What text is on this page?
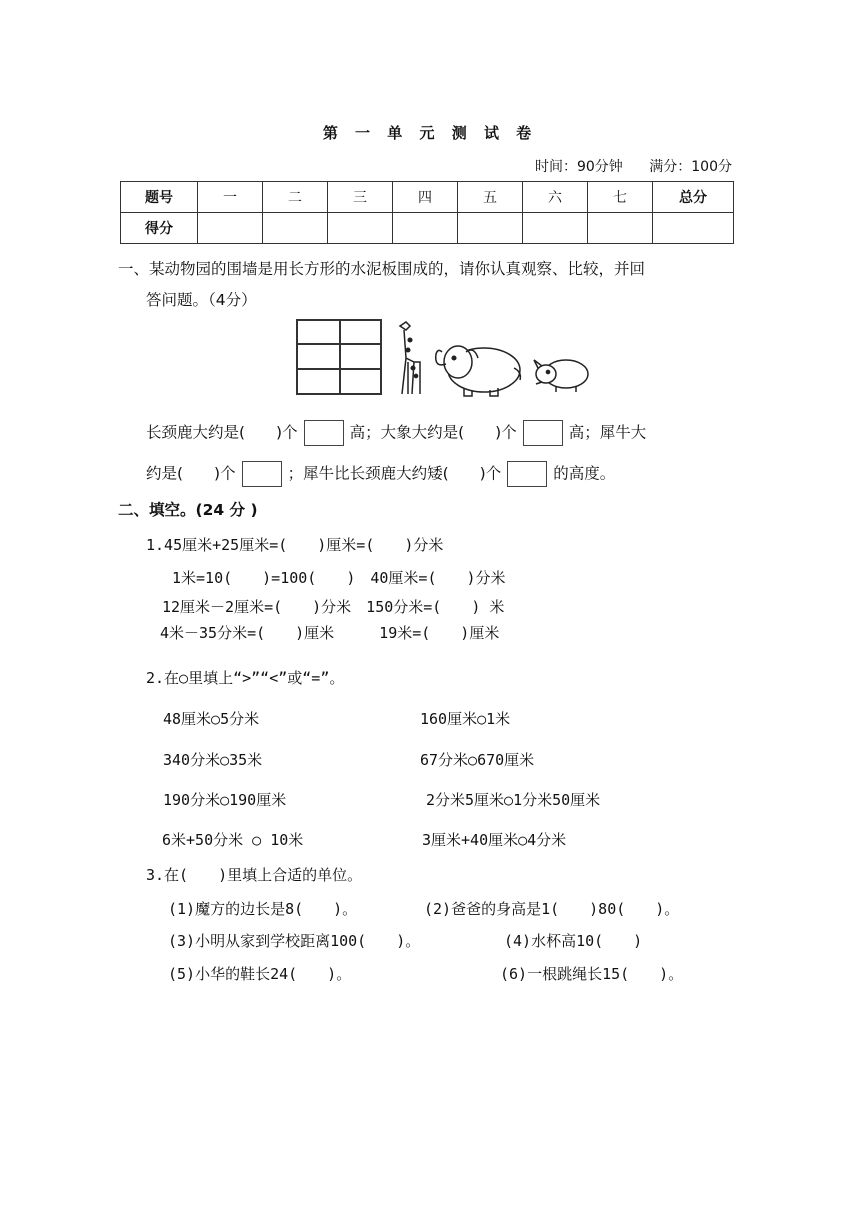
第 一 单 元 测 试 卷
时间：90分钟 满分：100分
题号	一	二	三	四	五	六	七	总分
得分								
一、某动物园的围墙是用长方形的水泥板围成的，请你认真观察、比较，并回
答问题。（4分）
长颈鹿大约是(　　)个	高；大象大约是(　　)个	高；犀牛大
约是(　　)个	；犀牛比长颈鹿大约矮(　　)个	的高度。
二、填空。(24 分 )
1.45厘米+25厘米=(　　)厘米=(　　)分米
1米=10(　　)=100(　　)　40厘米=(　　)分米
12厘米－2厘米=(　　)分米　150分米=(　　) 米
4米－35分米=(　　)厘米　　　19米=(　　)厘米
2.在○里填上“>”“<”或“=”。
48厘米○5分米	160厘米○1米
340分米○35米	67分米○670厘米
190分米○190厘米	2分米5厘米○1分米50厘米
6米+50分米 ○ 10米	3厘米+40厘米○4分米
3.在(　　)里填上合适的单位。
(1)魔方的边长是8(　　)。	(2)爸爸的身高是1(　　)80(　　)。
(3)小明从家到学校距离100(　　)。	(4)水杯高10(　　)
(5)小华的鞋长24(　　)。	(6)一根跳绳长15(　　)。
